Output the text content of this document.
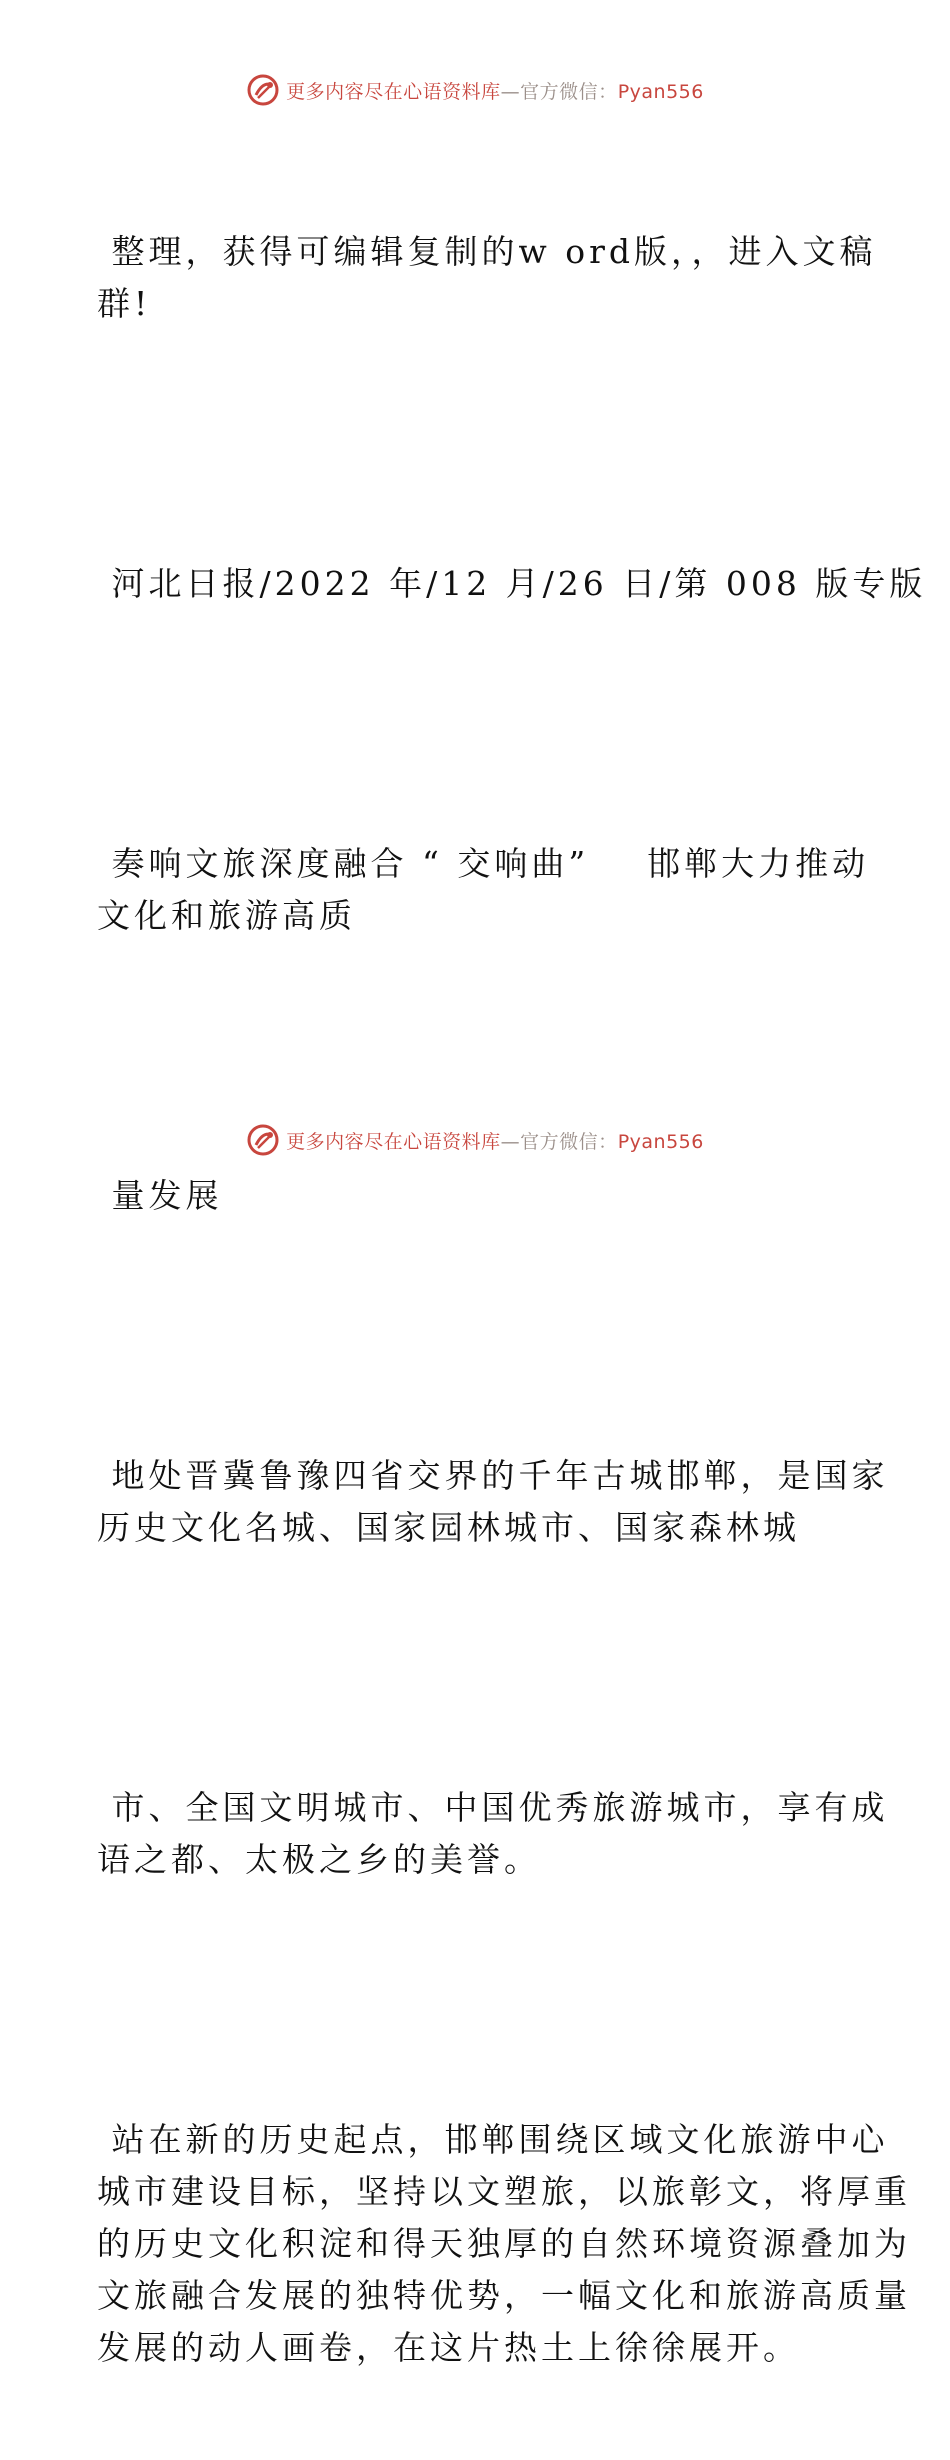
更多内容尽在心语资料库—官方微信：Pyan556

整理，获得可编辑复制的w ord版，，进入文稿
群!

河北日报/2022 年/12 月/26 日/第 008 版专版

奏响文旅深度融合 “ 交响曲”    邯郸大力推动
文化和旅游高质

量发展

地处晋冀鲁豫四省交界的千年古城邯郸，是国家
历史文化名城、国家园林城市、国家森林城

市、全国文明城市、中国优秀旅游城市，享有成
语之都、太极之乡的美誉。

站在新的历史起点，邯郸围绕区域文化旅游中心
城市建设目标，坚持以文塑旅，以旅彰文，将厚重
的历史文化积淀和得天独厚的自然环境资源叠加为
文旅融合发展的独特优势，一幅文化和旅游高质量
发展的动人画卷，在这片热土上徐徐展开。

更多内容尽在心语资料库—官方微信：Pyan556
